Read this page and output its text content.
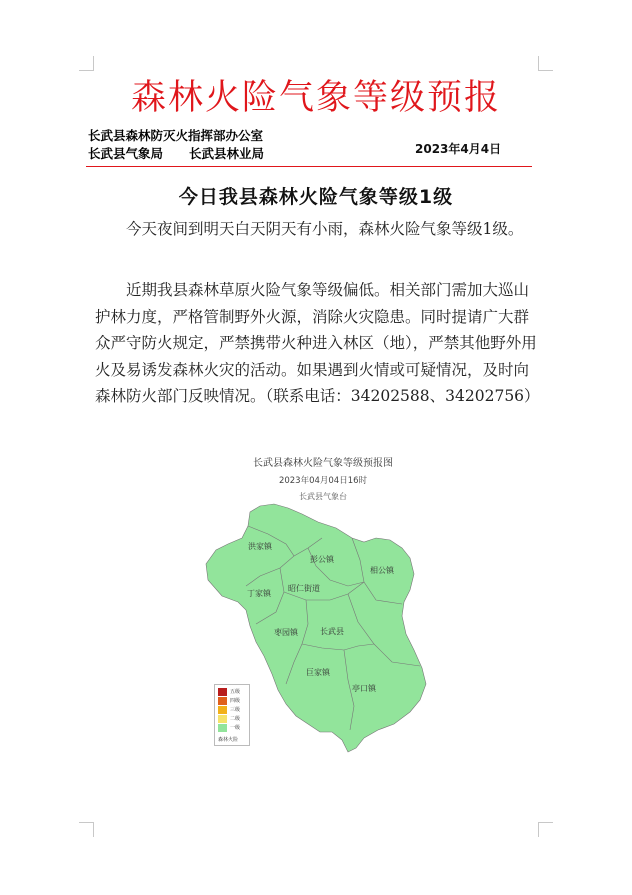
森林火险气象等级预报
长武县森林防灭火指挥部办公室
长武县气象局 长武县林业局	2023年4月4日
今日我县森林火险气象等级1级

今天夜间到明天白天阴天有小雨，森林火险气象等级1级。

近期我县森林草原火险气象等级偏低。相关部门需加大巡山护林力度，严格管制野外火源，消除火灾隐患。同时提请广大群众严守防火规定，严禁携带火种进入林区（地），严禁其他野外用火及易诱发森林火灾的活动。如果遇到火情或可疑情况，及时向森林防火部门反映情况。（联系电话：34202588、34202756）

长武县森林火险气象等级预报图
2023年04月04日16时
长武县气象台
洪家镇
彭公镇
相公镇
丁家镇
昭仁街道
枣园镇	长武县
巨家镇
亭口镇
五级
四级
三级
二级
一级
森林火险
